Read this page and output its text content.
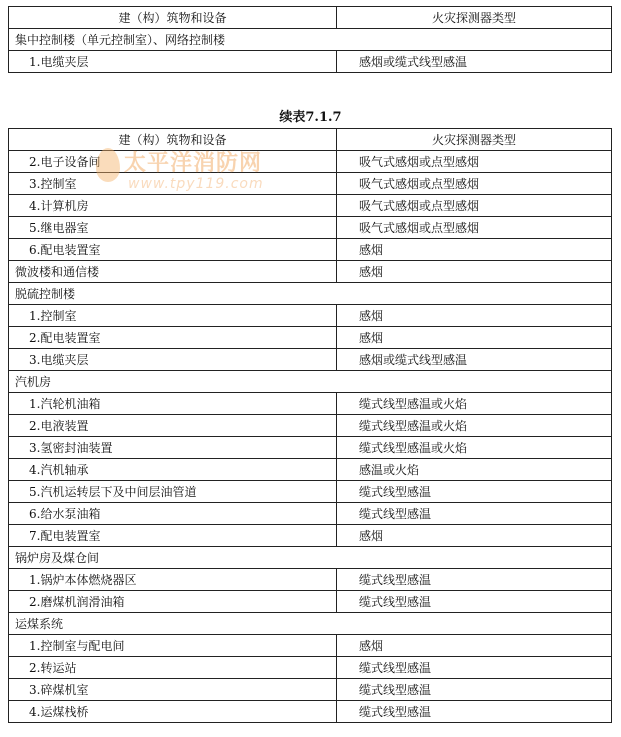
建（构）筑物和设备	火灾探测器类型
集中控制楼（单元控制室）、网络控制楼	
1.电缆夹层	感烟或缆式线型感温
续表7.1.7
建（构）筑物和设备	火灾探测器类型
2.电子设备间	吸气式感烟或点型感烟
3.控制室	吸气式感烟或点型感烟
4.计算机房	吸气式感烟或点型感烟
5.继电器室	吸气式感烟或点型感烟
6.配电装置室	感烟
微波楼和通信楼	感烟
脱硫控制楼	
1.控制室	感烟
2.配电装置室	感烟
3.电缆夹层	感烟或缆式线型感温
汽机房	
1.汽轮机油箱	缆式线型感温或火焰
2.电液装置	缆式线型感温或火焰
3.氢密封油装置	缆式线型感温或火焰
4.汽机轴承	感温或火焰
5.汽机运转层下及中间层油管道	缆式线型感温
6.给水泵油箱	缆式线型感温
7.配电装置室	感烟
锅炉房及煤仓间	
1.锅炉本体燃烧器区	缆式线型感温
2.磨煤机润滑油箱	缆式线型感温
运煤系统	
1.控制室与配电间	感烟
2.转运站	缆式线型感温
3.碎煤机室	缆式线型感温
4.运煤栈桥	缆式线型感温
太平洋消防网
www.tpy119.com
